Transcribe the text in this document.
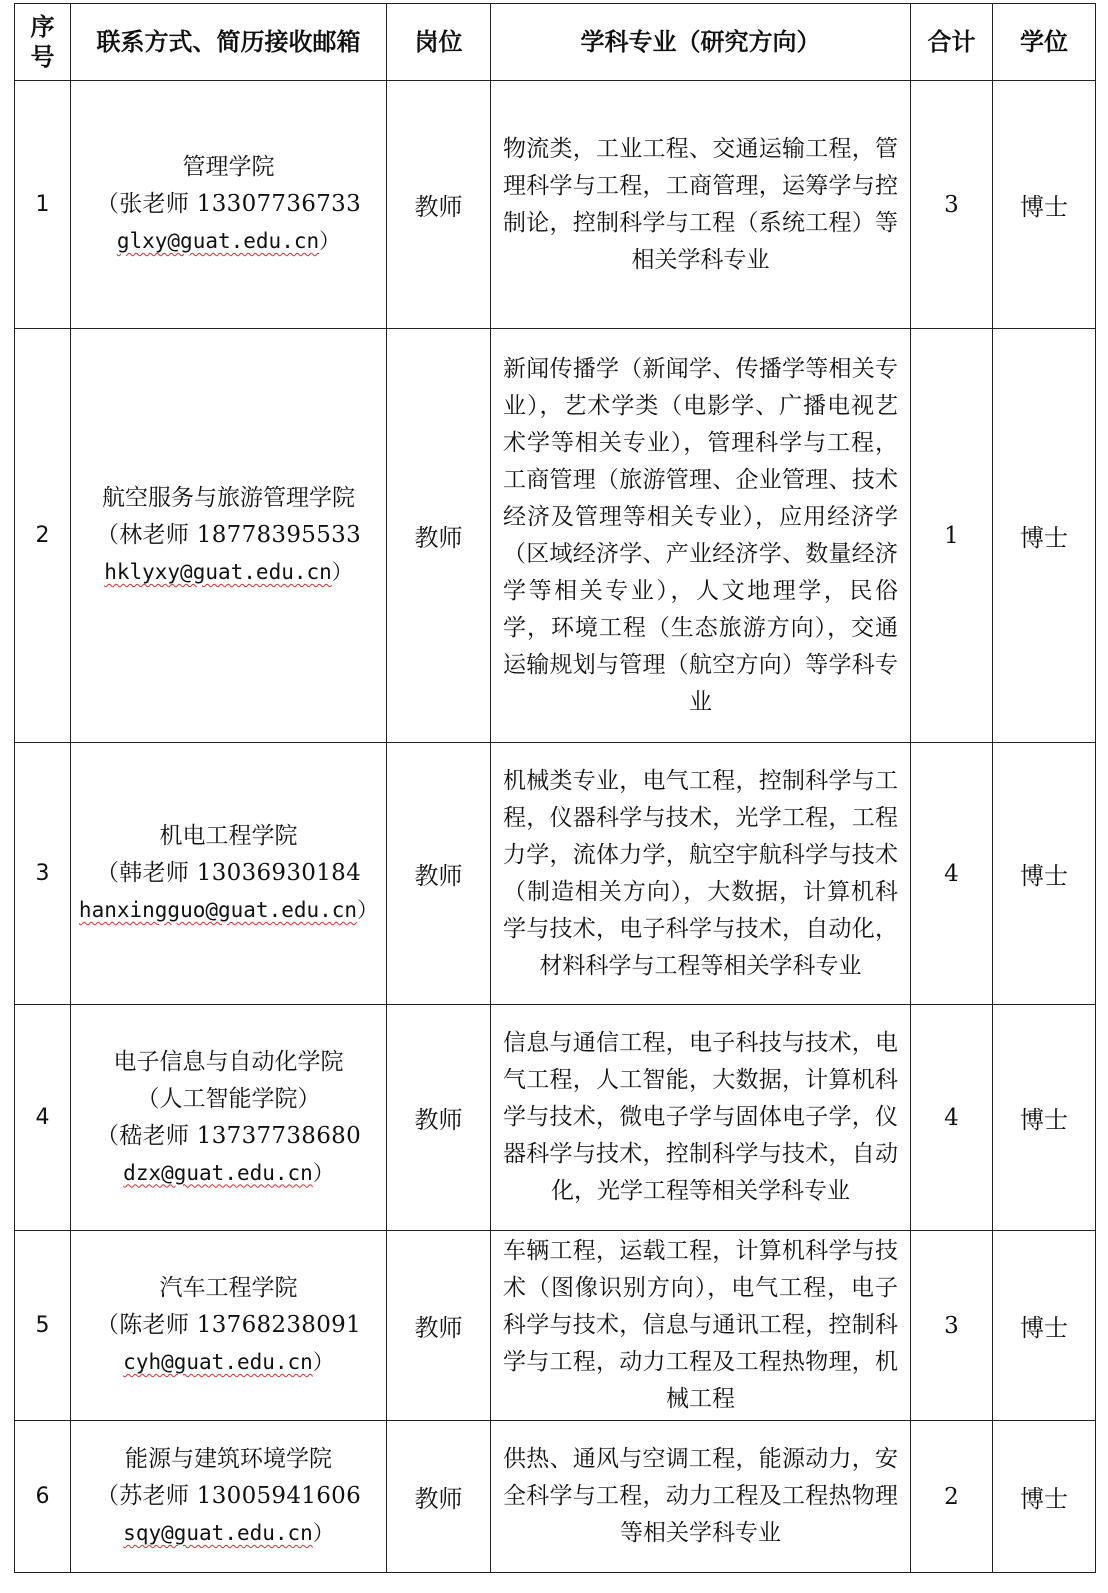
序号	联系方式、简历接收邮箱	岗位	学科专业（研究方向）	合计	学位
1	管理学院
（张老师 13307736733
glxy@guat.edu.cn）	教师	物流类，工业工程、交通运输工程，管理科学与工程，工商管理，运筹学与控制论，控制科学与工程（系统工程）等相关学科专业	3	博士
2	航空服务与旅游管理学院
（林老师 18778395533
hklyxy@guat.edu.cn）	教师	新闻传播学（新闻学、传播学等相关专业），艺术学类（电影学、广播电视艺术学等相关专业），管理科学与工程，工商管理（旅游管理、企业管理、技术经济及管理等相关专业），应用经济学（区域经济学、产业经济学、数量经济学等相关专业），人文地理学，民俗学，环境工程（生态旅游方向），交通运输规划与管理（航空方向）等学科专业	1	博士
3	机电工程学院
（韩老师 13036930184
hanxingguo@guat.edu.cn）	教师	机械类专业，电气工程，控制科学与工程，仪器科学与技术，光学工程，工程力学，流体力学，航空宇航科学与技术（制造相关方向），大数据，计算机科学与技术，电子科学与技术，自动化，材料科学与工程等相关学科专业	4	博士
4	电子信息与自动化学院（人工智能学院）
（嵇老师 13737738680
dzx@guat.edu.cn）	教师	信息与通信工程，电子科技与技术，电气工程，人工智能，大数据，计算机科学与技术，微电子学与固体电子学，仪器科学与技术，控制科学与技术，自动化，光学工程等相关学科专业	4	博士
5	汽车工程学院
（陈老师 13768238091
cyh@guat.edu.cn）	教师	车辆工程，运载工程，计算机科学与技术（图像识别方向），电气工程，电子科学与技术，信息与通讯工程，控制科学与工程，动力工程及工程热物理，机械工程	3	博士
6	能源与建筑环境学院
（苏老师 13005941606
sqy@guat.edu.cn）	教师	供热、通风与空调工程，能源动力，安全科学与工程，动力工程及工程热物理等相关学科专业	2	博士
